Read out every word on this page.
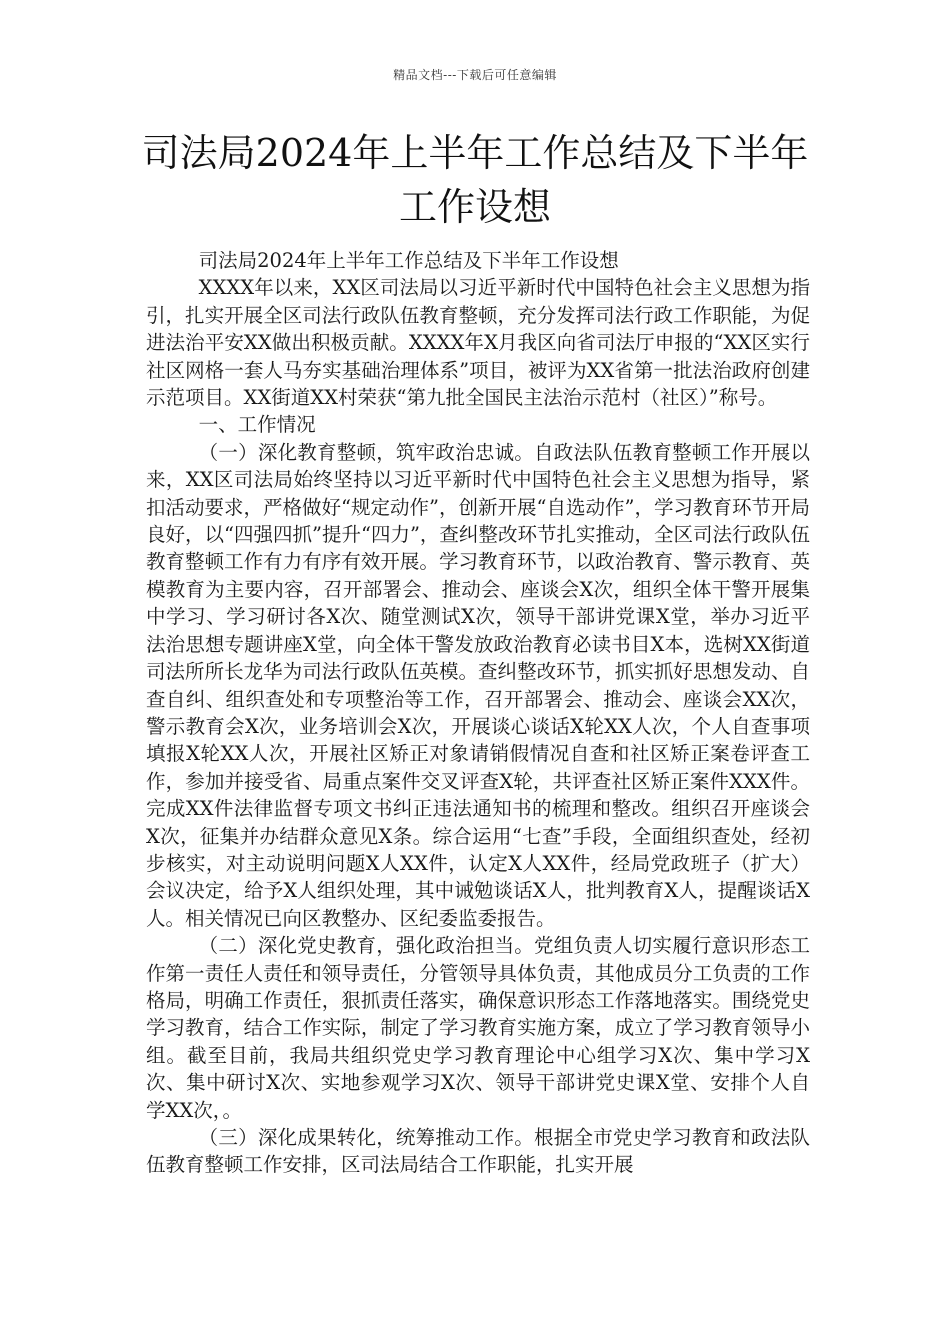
精品文档---下载后可任意编辑
司法局2024年上半年工作总结及下半年工作设想

司法局2024年上半年工作总结及下半年工作设想

XXXX年以来，XX区司法局以习近平新时代中国特色社会主义思想为指引，扎实开展全区司法行政队伍教育整顿，充分发挥司法行政工作职能，为促进法治平安XX做出积极贡献。XXXX年X月我区向省司法厅申报的“XX区实行社区网格一套人马夯实基础治理体系”项目，被评为XX省第一批法治政府创建示范项目。XX街道XX村荣获“第九批全国民主法治示范村（社区）”称号。

一、工作情况

（一）深化教育整顿，筑牢政治忠诚。自政法队伍教育整顿工作开展以来，XX区司法局始终坚持以习近平新时代中国特色社会主义思想为指导，紧扣活动要求，严格做好“规定动作”，创新开展“自选动作”，学习教育环节开局良好，以“四强四抓”提升“四力”，查纠整改环节扎实推动，全区司法行政队伍教育整顿工作有力有序有效开展。学习教育环节，以政治教育、警示教育、英模教育为主要内容，召开部署会、推动会、座谈会X次，组织全体干警开展集中学习、学习研讨各X次、随堂测试X次，领导干部讲党课X堂，举办习近平法治思想专题讲座X堂，向全体干警发放政治教育必读书目X本，选树XX街道司法所所长龙华为司法行政队伍英模。查纠整改环节，抓实抓好思想发动、自查自纠、组织查处和专项整治等工作，召开部署会、推动会、座谈会XX次，警示教育会X次，业务培训会X次，开展谈心谈话X轮XX人次，个人自查事项填报X轮XX人次，开展社区矫正对象请销假情况自查和社区矫正案卷评查工作，参加并接受省、局重点案件交叉评查X轮，共评查社区矫正案件XXX件。完成XX件法律监督专项文书纠正违法通知书的梳理和整改。组织召开座谈会X次，征集并办结群众意见X条。综合运用“七查”手段，全面组织查处，经初步核实，对主动说明问题X人XX件，认定X人XX件，经局党政班子（扩大）会议决定，给予X人组织处理，其中诫勉谈话X人，批判教育X人，提醒谈话X人。相关情况已向区教整办、区纪委监委报告。

（二）深化党史教育，强化政治担当。党组负责人切实履行意识形态工作第一责任人责任和领导责任，分管领导具体负责，其他成员分工负责的工作格局，明确工作责任，狠抓责任落实，确保意识形态工作落地落实。围绕党史学习教育，结合工作实际，制定了学习教育实施方案，成立了学习教育领导小组。截至目前，我局共组织党史学习教育理论中心组学习X次、集中学习X次、集中研讨X次、实地参观学习X次、领导干部讲党史课X堂、安排个人自学XX次，。

（三）深化成果转化，统筹推动工作。根据全市党史学习教育和政法队伍教育整顿工作安排，区司法局结合工作职能，扎实开展
